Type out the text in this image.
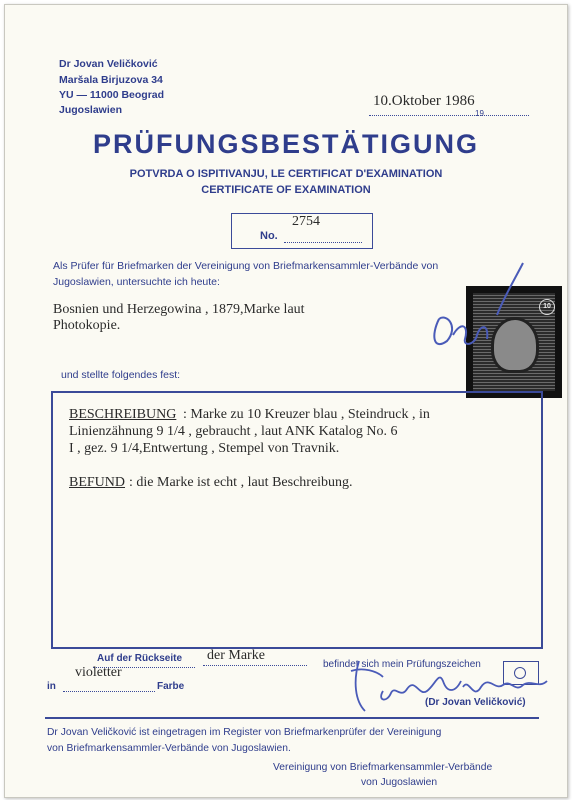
Dr Jovan Veličković
Maršala Birjuzova 34
YU — 11000 Beograd
Jugoslawien
10.Oktober 1986
19
PRÜFUNGSBESTÄTIGUNG
POTVRDA O ISPITIVANJU, LE CERTIFICAT D'EXAMINATION
CERTIFICATE OF EXAMINATION
2754
No.
Als Prüfer für Briefmarken der Vereinigung von Briefmarkensammler-Verbände von
Jugoslawien, untersuchte ich heute:
Bosnien und Herzegowina , 1879,Marke laut
Photokopie.
10
und stellte folgendes fest:
BESCHREIBUNG : Marke zu 10 Kreuzer blau , Steindruck , in
Linienzähnung 9 1/4 , gebraucht , laut ANK Katalog No. 6
I , gez. 9 1/4,Entwertung , Stempel von Travnik.
BEFUND : die Marke ist echt , laut Beschreibung.
Auf der Rückseite der Marke
befindet sich mein Prüfungszeichen
violetter
in	Farbe
(Dr Jovan Veličković)
Dr Jovan Veličković ist eingetragen im Register von Briefmarkenprüfer der Vereinigung
von Briefmarkensammler-Verbände von Jugoslawien.
Vereinigung von Briefmarkensammler-Verbände
von Jugoslawien
